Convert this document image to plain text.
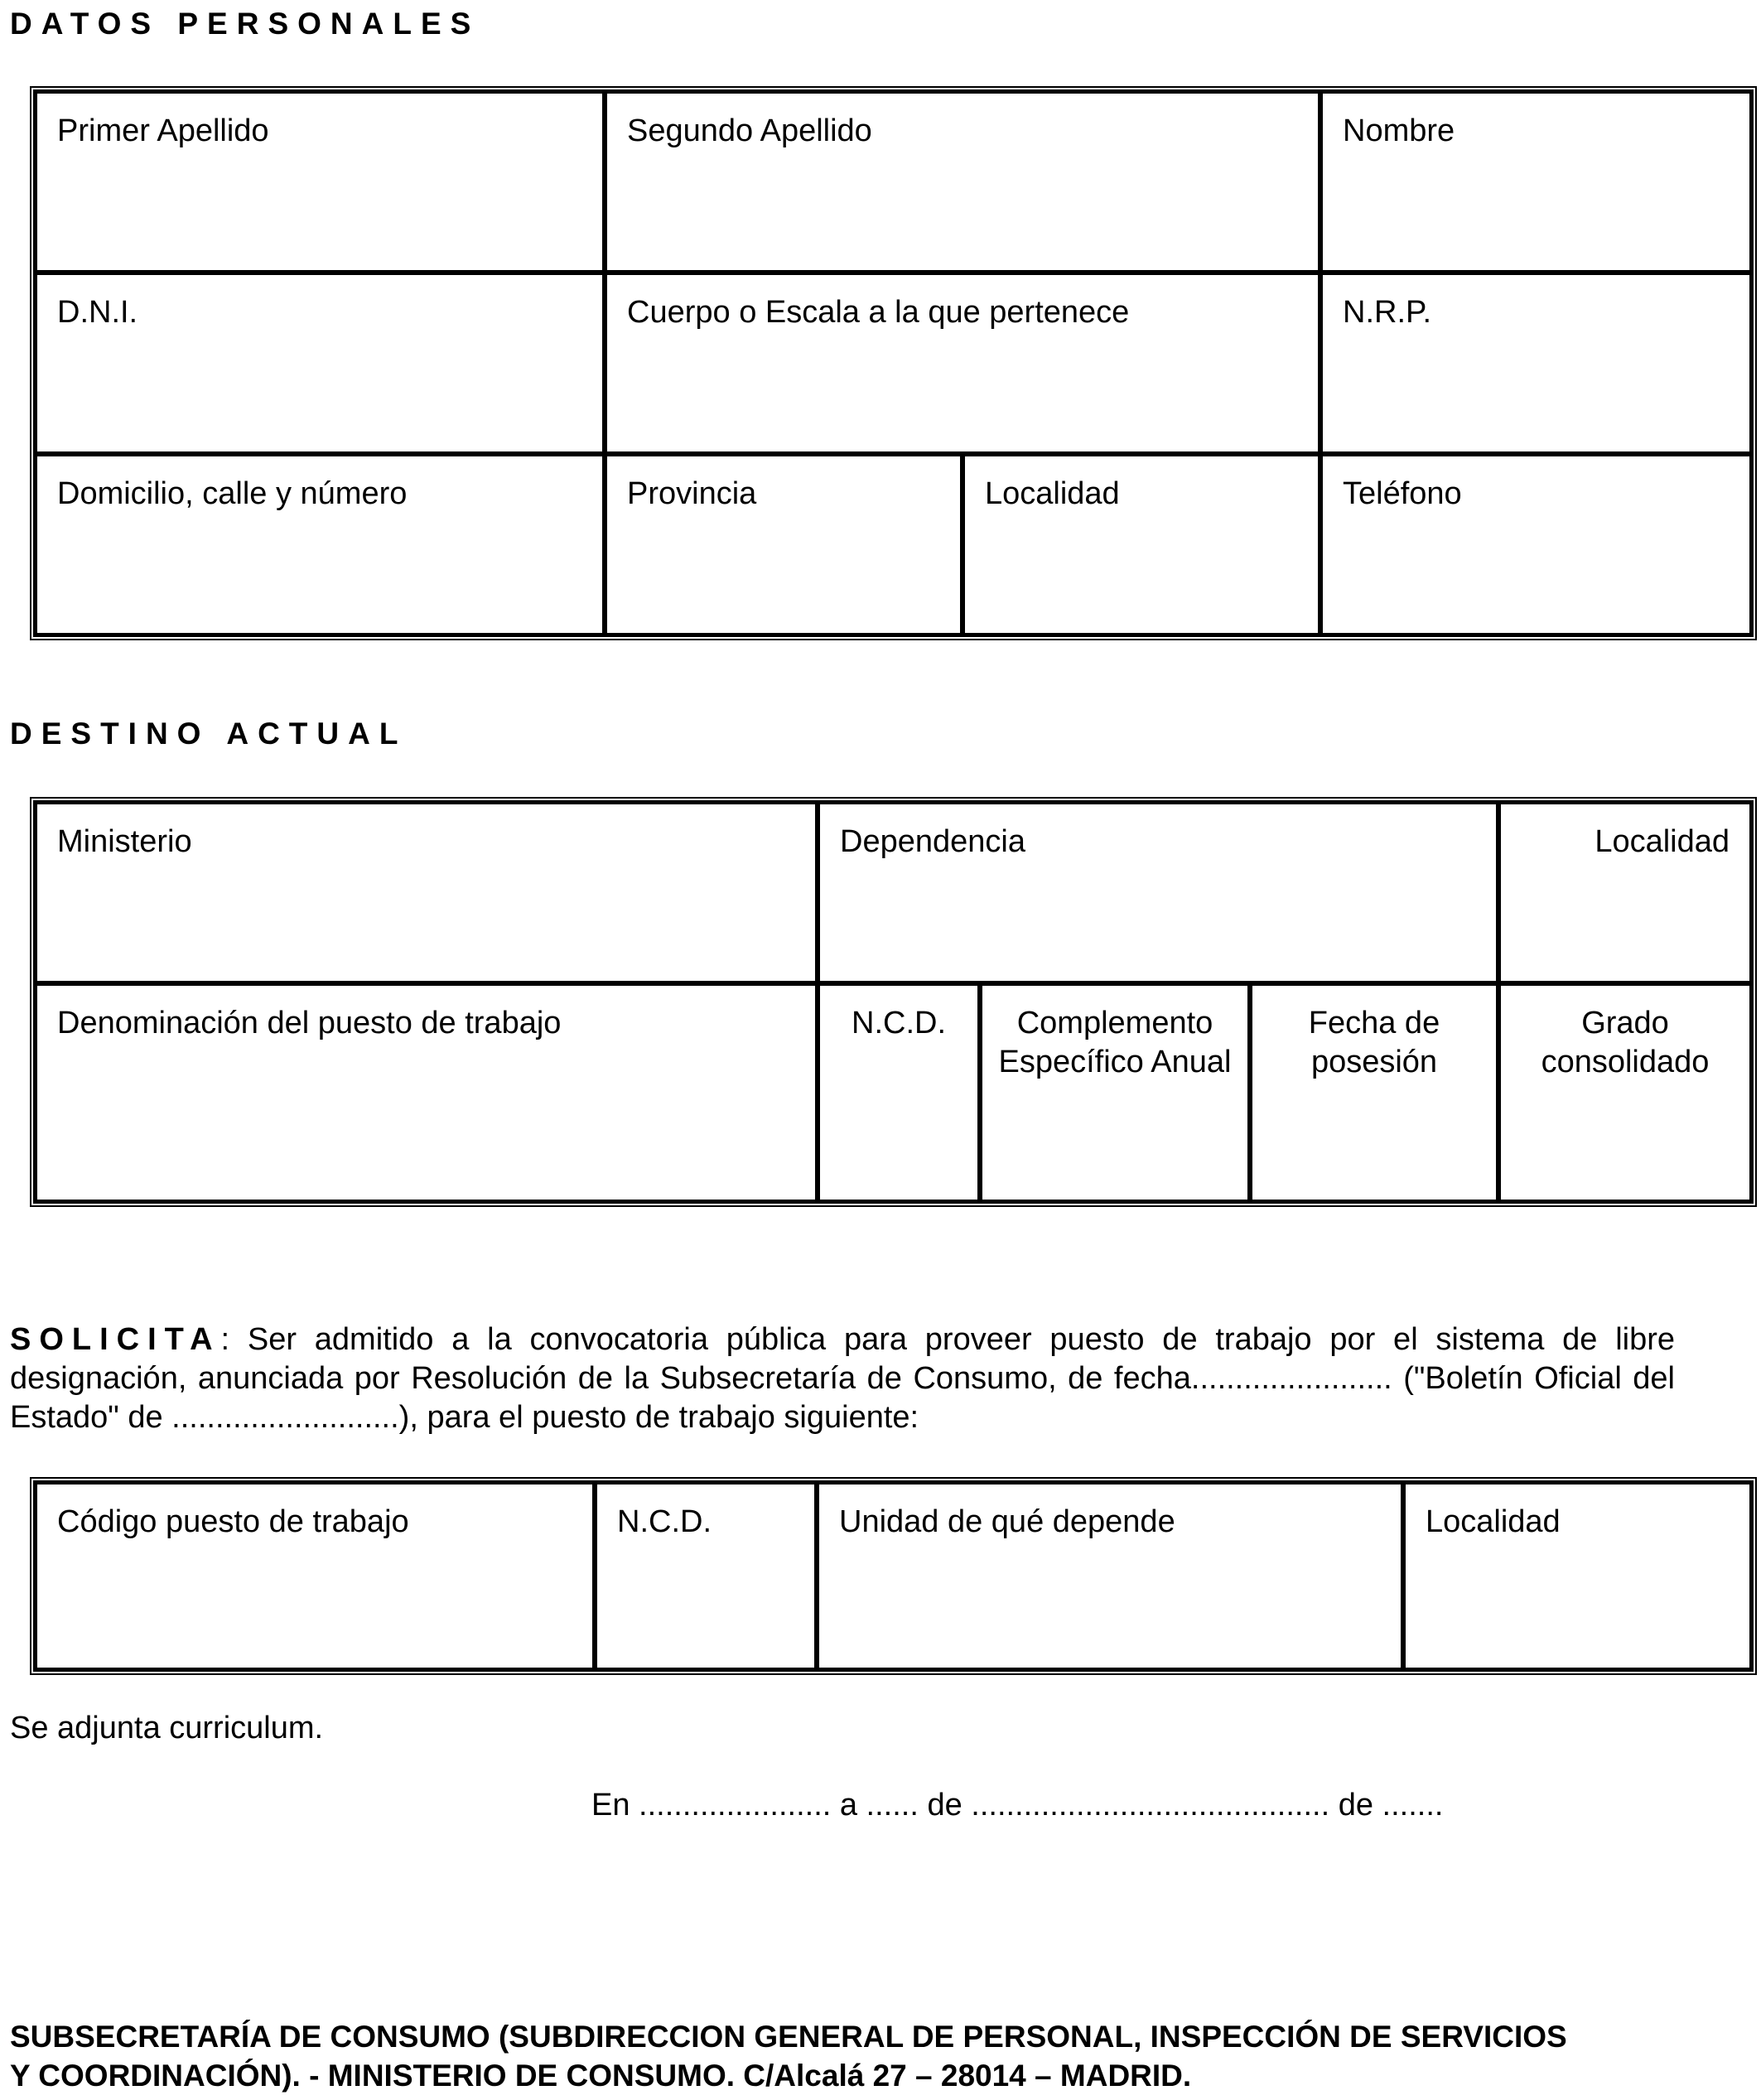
DATOS PERSONALES
Primer Apellido	Segundo Apellido		Nombre
D.N.I.	Cuerpo o Escala a la que pertenece		N.R.P.
Domicilio, calle y número	Provincia	Localidad	Teléfono
DESTINO ACTUAL
Ministerio	Dependencia			Localidad
Denominación del puesto de trabajo	N.C.D.	Complemento Específico Anual	Fecha de posesión	Grado consolidado

SOLICITA: Ser admitido a la convocatoria pública para proveer puesto de trabajo por el sistema de libre designación, anunciada por Resolución de la Subsecretaría de Consumo, de fecha....................... ("Boletín Oficial del Estado" de ..........................), para el puesto de trabajo siguiente:

Código puesto de trabajo	N.C.D.	Unidad de qué depende	Localidad

Se adjunta curriculum.

En ...................... a ...... de ......................................... de .......

SUBSECRETARÍA DE CONSUMO (SUBDIRECCION GENERAL DE PERSONAL, INSPECCIÓN DE SERVICIOS
Y COORDINACIÓN). - MINISTERIO DE CONSUMO. C/Alcalá 27 – 28014 – MADRID.
